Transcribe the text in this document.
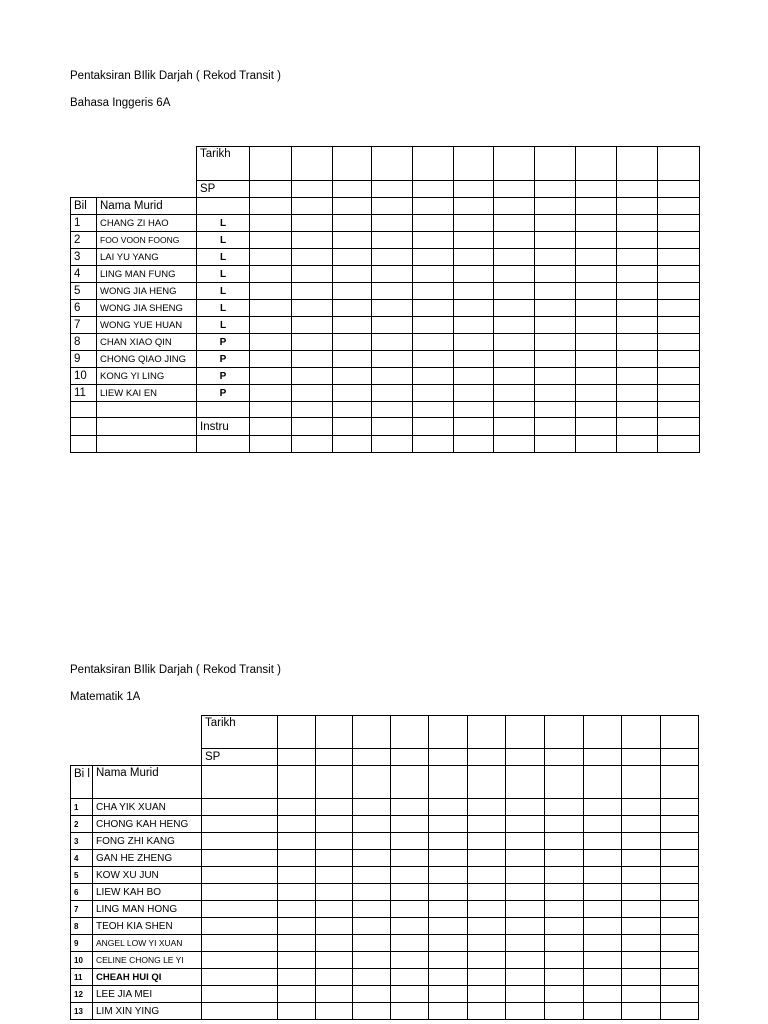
Pentaksiran BIlik Darjah ( Rekod Transit )
Bahasa Inggeris 6A
		Tarikh											
		SP											
Bil	Nama Murid												
1	CHANG ZI HAO	L											
2	FOO VOON FOONG	L											
3	LAI YU YANG	L											
4	LING MAN FUNG	L											
5	WONG JIA HENG	L											
6	WONG JIA SHENG	L											
7	WONG YUE HUAN	L											
8	CHAN XIAO QIN	P											
9	CHONG QIAO JING	P											
10	KONG YI LING	P											
11	LIEW KAI EN	P											

		Instru											

Pentaksiran BIlik Darjah ( Rekod Transit )
Matematik 1A
		Tarikh											
		SP											
Bi l	Nama Murid												
1	CHA YIK XUAN												
2	CHONG KAH HENG												
3	FONG ZHI KANG												
4	GAN HE ZHENG												
5	KOW XU JUN												
6	LIEW KAH BO												
7	LING MAN HONG												
8	TEOH KIA SHEN												
9	ANGEL LOW YI XUAN												
10	CELINE CHONG LE YI												
11	CHEAH HUI QI												
12	LEE JIA MEI												
13	LIM XIN YING												
